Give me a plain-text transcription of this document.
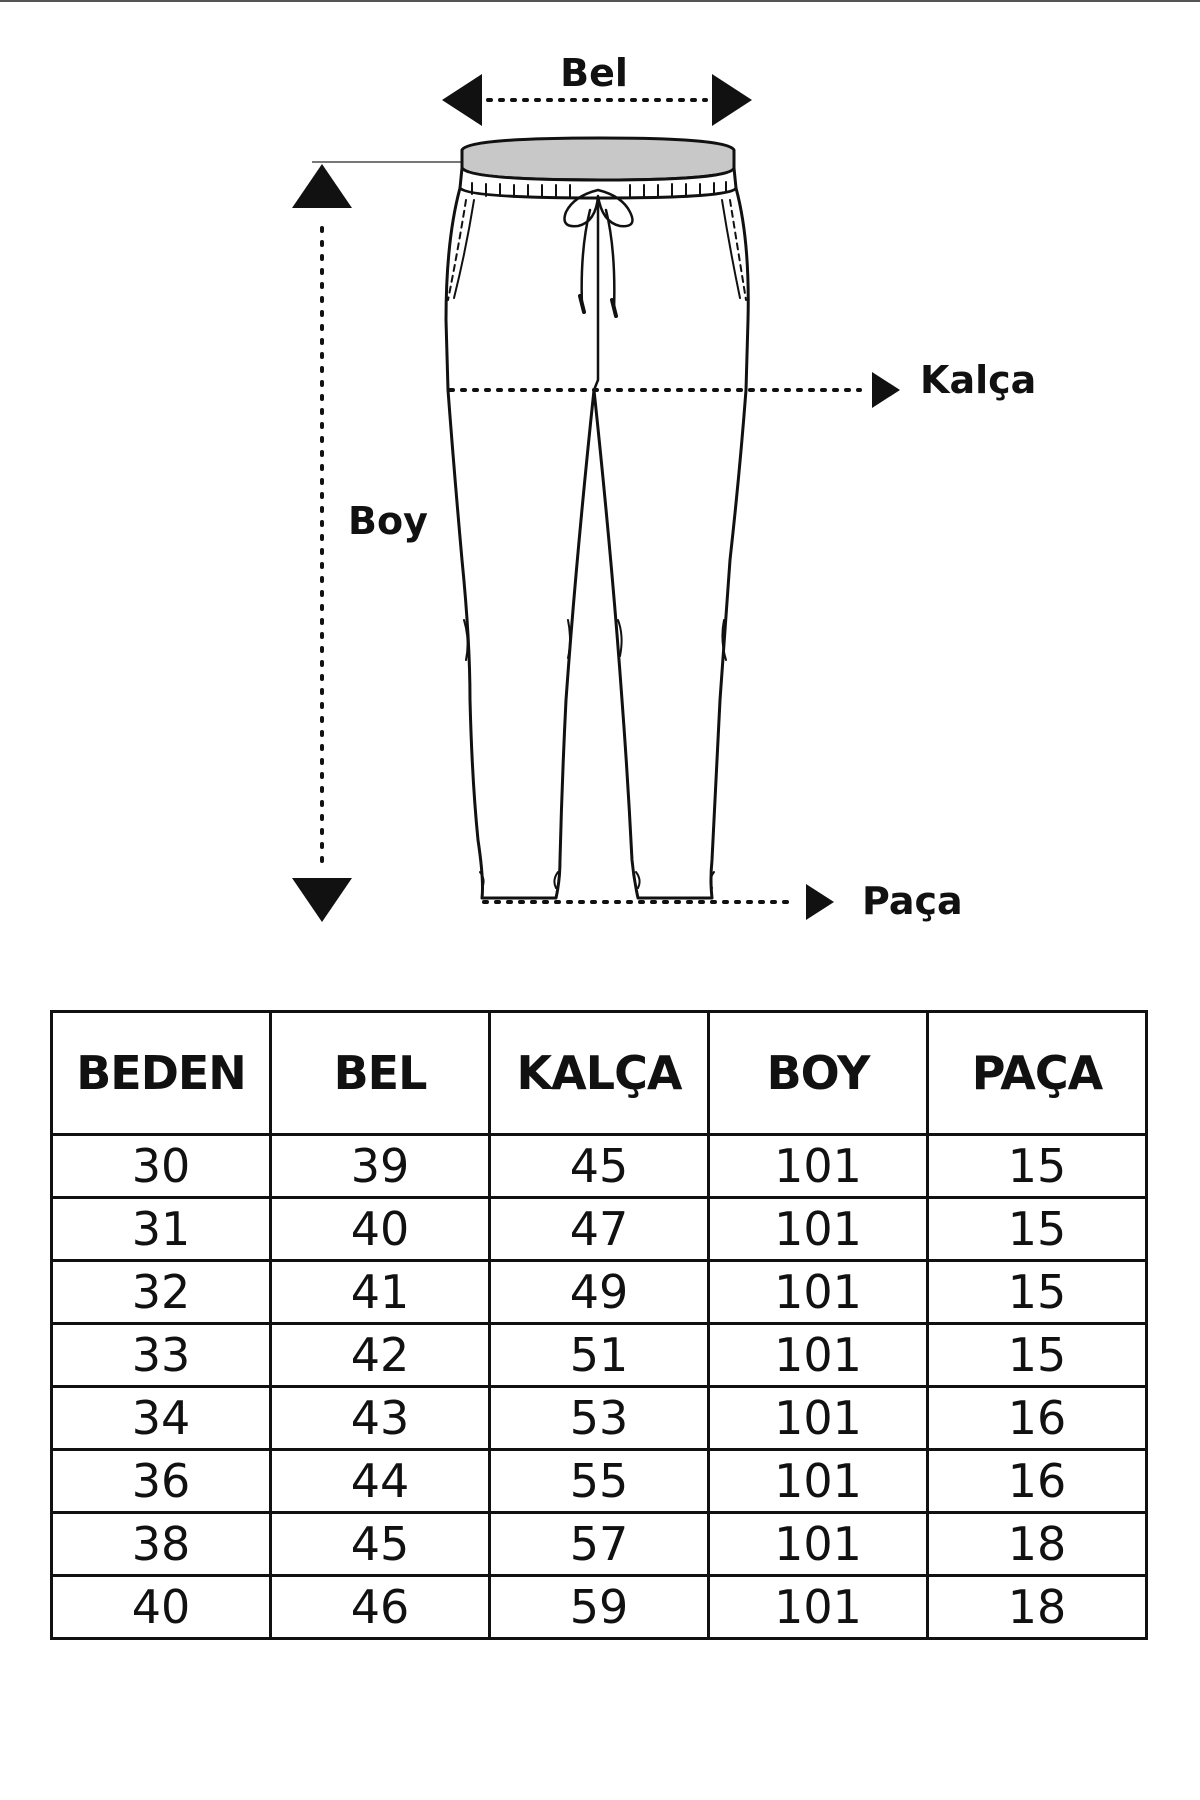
Bel
Boy
Kalça
Paça
BEDEN	BEL	KALÇA	BOY	PAÇA
30	39	45	101	15
31	40	47	101	15
32	41	49	101	15
33	42	51	101	15
34	43	53	101	16
36	44	55	101	16
38	45	57	101	18
40	46	59	101	18
